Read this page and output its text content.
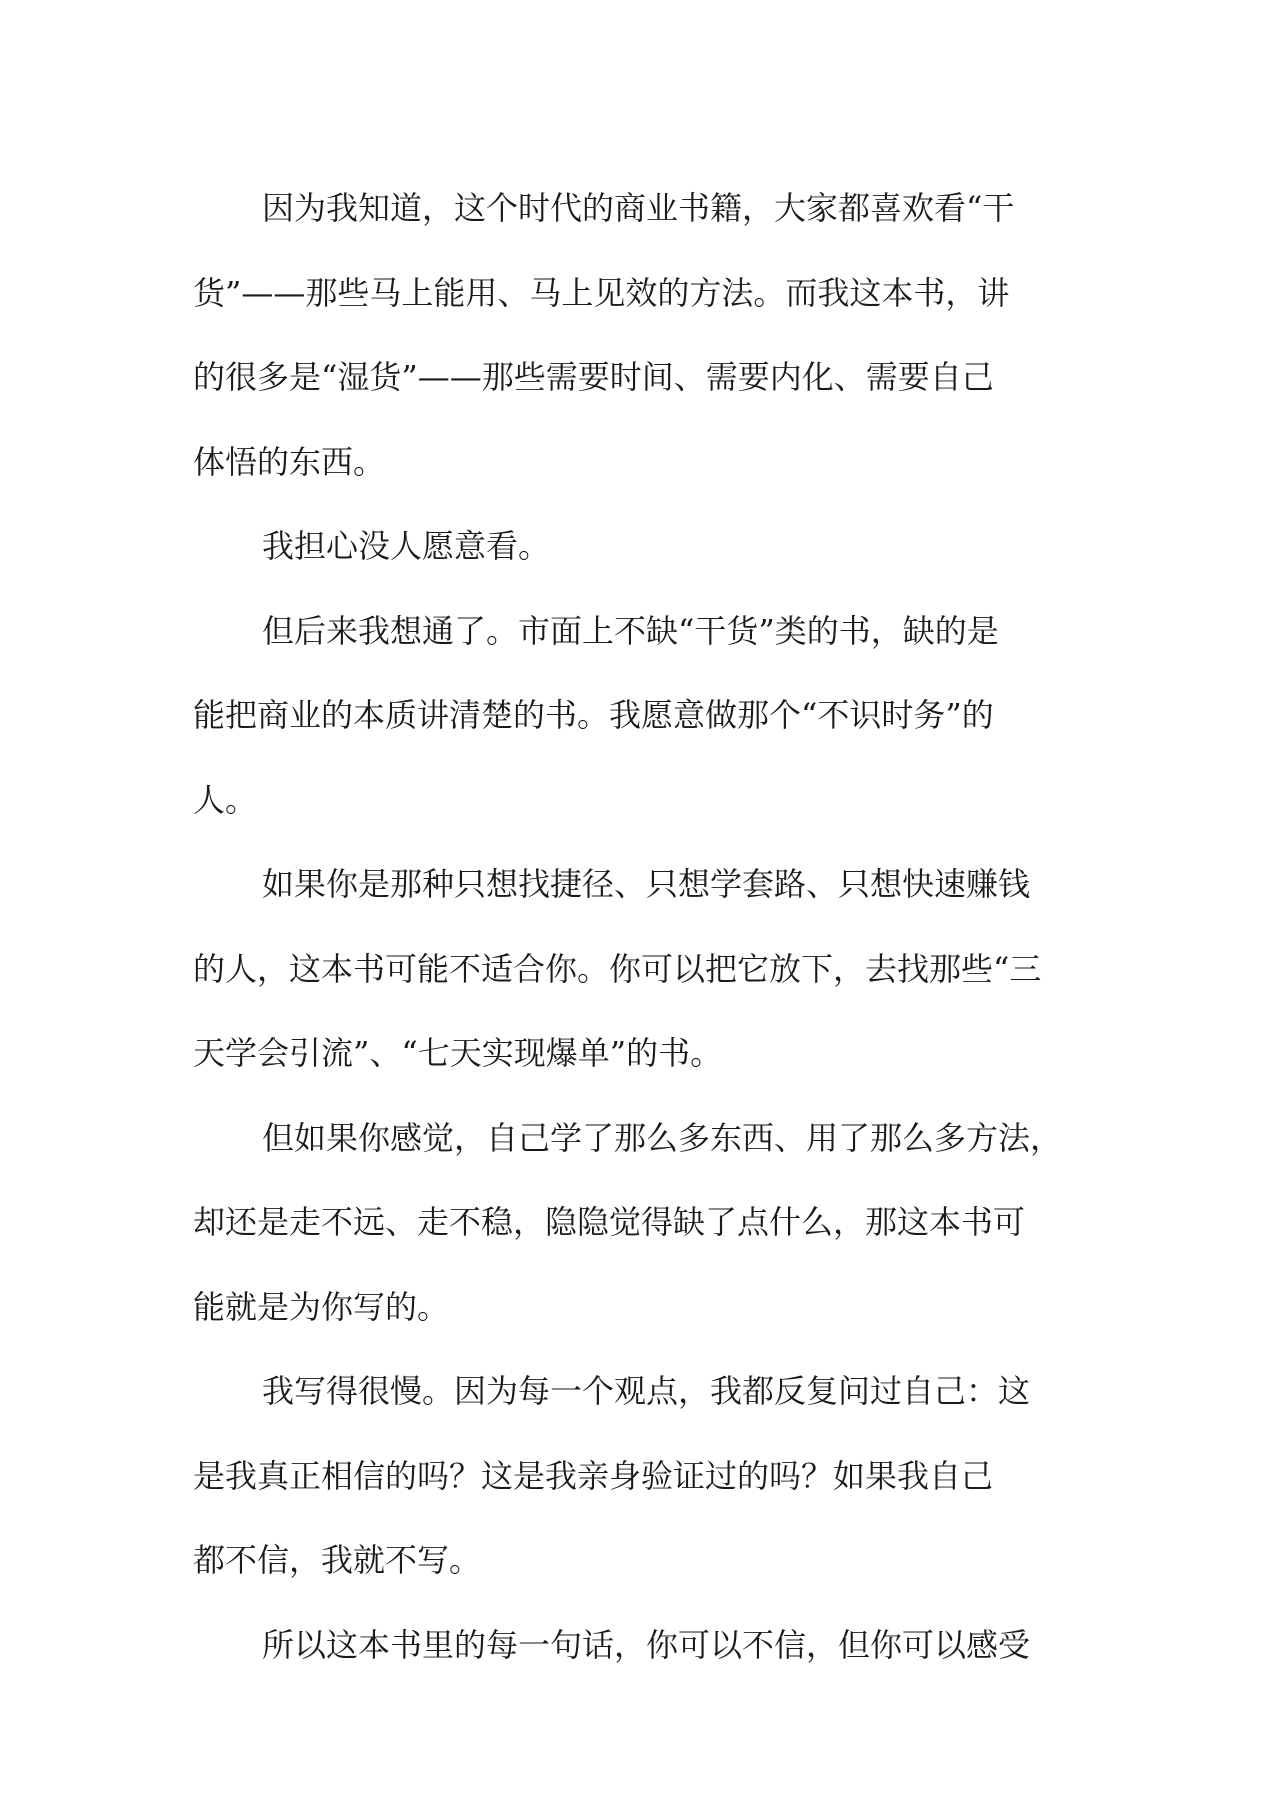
因为我知道，这个时代的商业书籍，大家都喜欢看“干
货”——那些马上能用、马上见效的方法。而我这本书，讲
的很多是“湿货”——那些需要时间、需要内化、需要自己
体悟的东西。
我担心没人愿意看。
但后来我想通了。市面上不缺“干货”类的书，缺的是
能把商业的本质讲清楚的书。我愿意做那个“不识时务”的
人。
如果你是那种只想找捷径、只想学套路、只想快速赚钱
的人，这本书可能不适合你。你可以把它放下，去找那些“三
天学会引流”、“七天实现爆单”的书。
但如果你感觉，自己学了那么多东西、用了那么多方法，
却还是走不远、走不稳，隐隐觉得缺了点什么，那这本书可
能就是为你写的。
我写得很慢。因为每一个观点，我都反复问过自己：这
是我真正相信的吗？这是我亲身验证过的吗？如果我自己
都不信，我就不写。
所以这本书里的每一句话，你可以不信，但你可以感受
